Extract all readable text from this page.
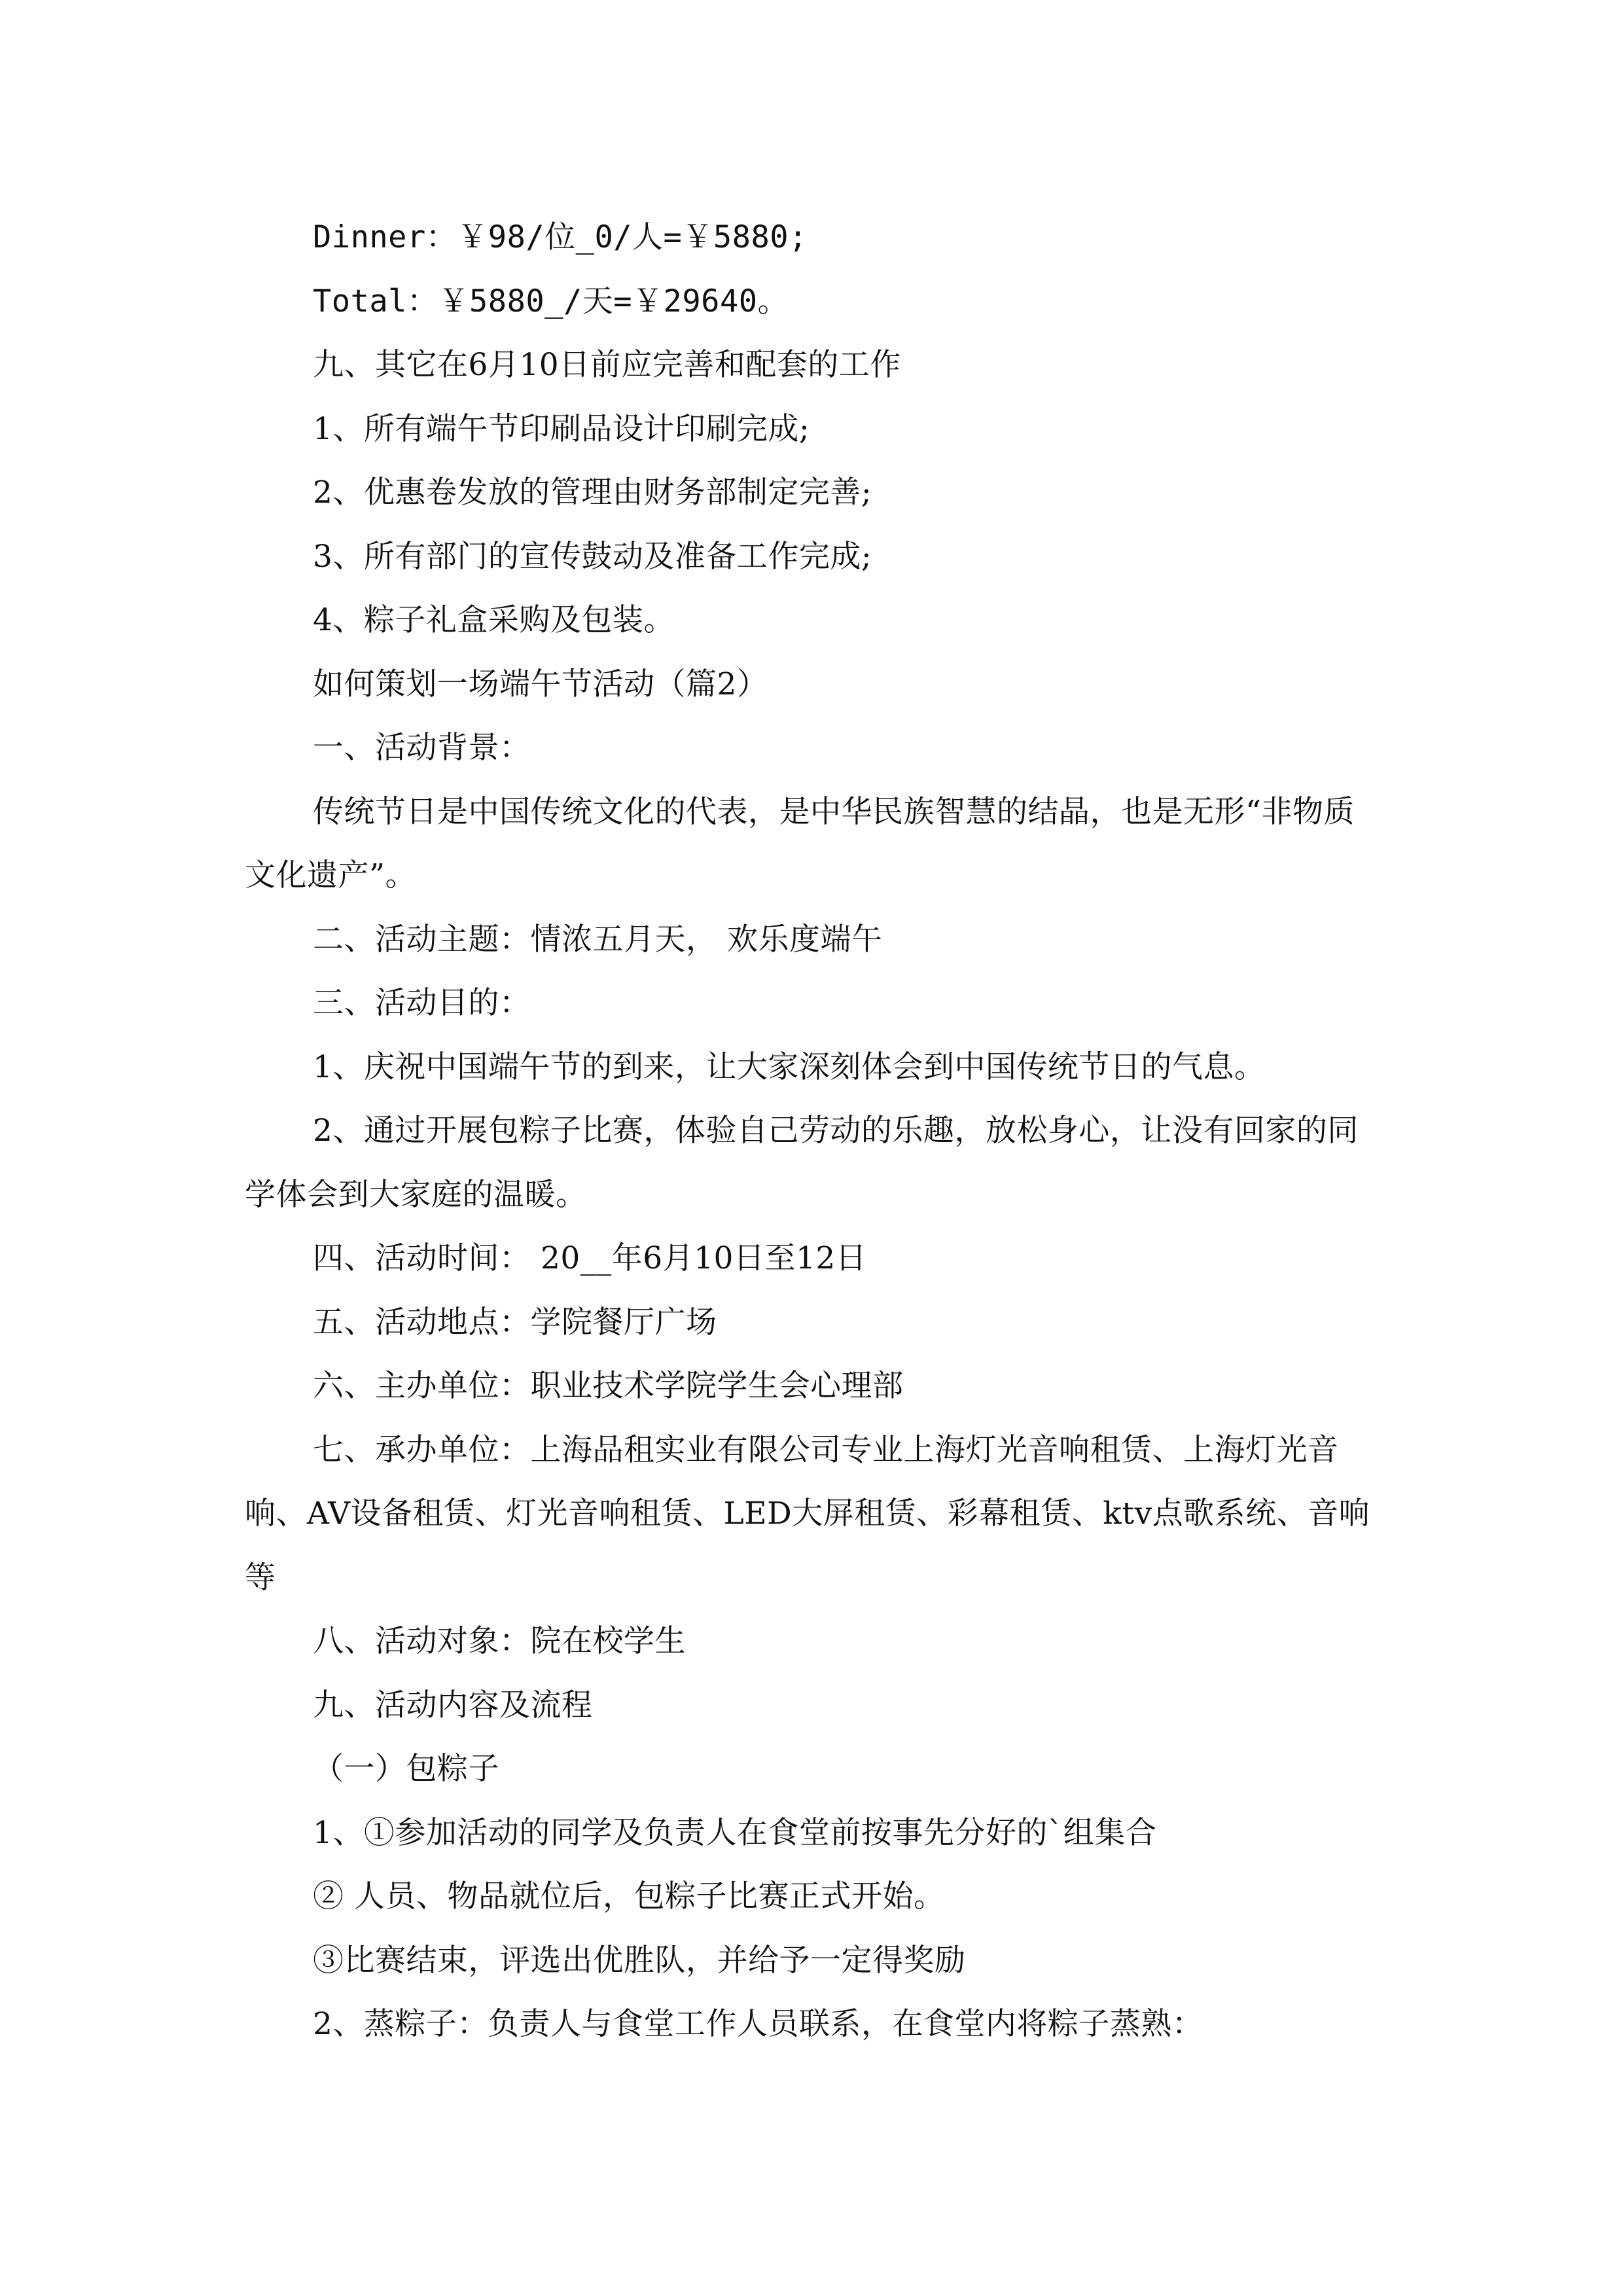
Dinner：￥98/位_0/人=￥5880;

Total：￥5880_/天=￥29640。

九、其它在6月10日前应完善和配套的工作

1、所有端午节印刷品设计印刷完成;

2、优惠卷发放的管理由财务部制定完善;

3、所有部门的宣传鼓动及准备工作完成;

4、粽子礼盒采购及包装。

如何策划一场端午节活动（篇2）

一、活动背景：

传统节日是中国传统文化的代表，是中华民族智慧的结晶，也是无形“非物质文化遗产”。

二、活动主题：情浓五月天， 欢乐度端午

三、活动目的：

1、庆祝中国端午节的到来，让大家深刻体会到中国传统节日的气息。

2、通过开展包粽子比赛，体验自己劳动的乐趣，放松身心，让没有回家的同学体会到大家庭的温暖。

四、活动时间： 20__年6月10日至12日

五、活动地点：学院餐厅广场

六、主办单位：职业技术学院学生会心理部

七、承办单位：上海品租实业有限公司专业上海灯光音响租赁、上海灯光音响、AV设备租赁、灯光音响租赁、LED大屏租赁、彩幕租赁、ktv点歌系统、音响等

八、活动对象：院在校学生

九、活动内容及流程

（一）包粽子

1、①参加活动的同学及负责人在食堂前按事先分好的`组集合

② 人员、物品就位后，包粽子比赛正式开始。

③比赛结束，评选出优胜队，并给予一定得奖励

2、蒸粽子：负责人与食堂工作人员联系，在食堂内将粽子蒸熟：
